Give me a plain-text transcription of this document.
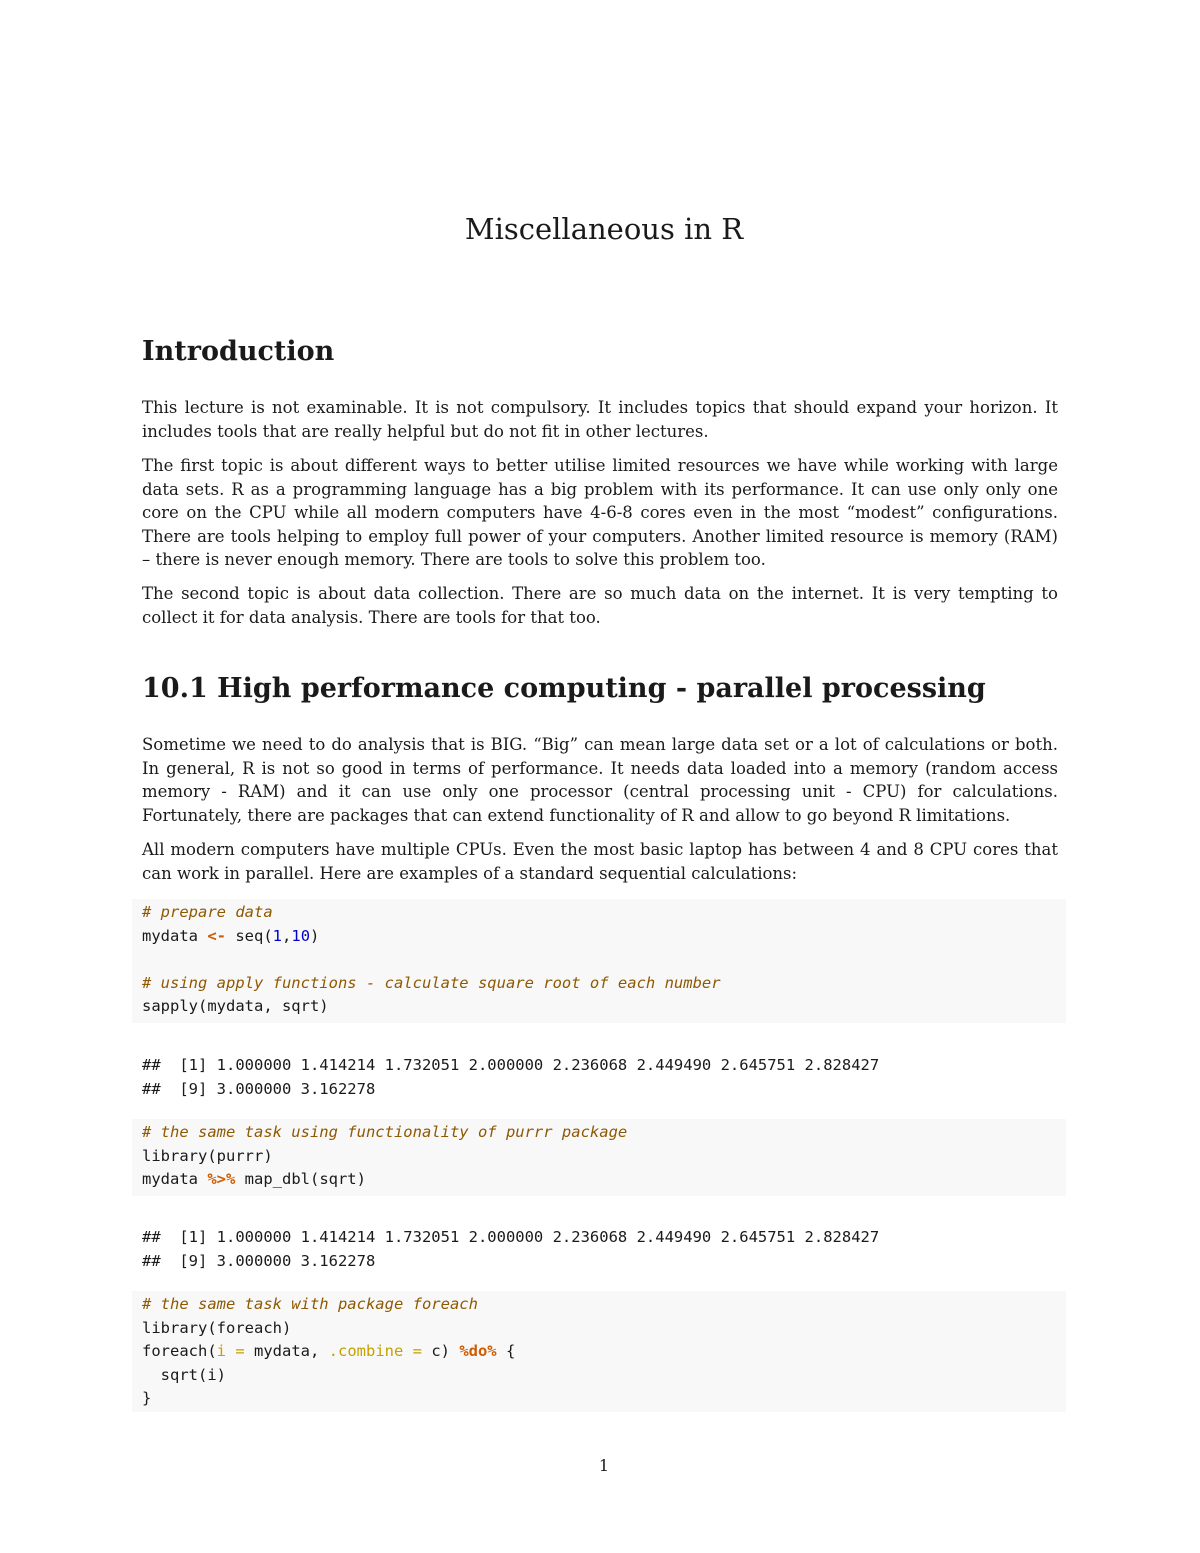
Miscellaneous in R
Introduction

This lecture is not examinable. It is not compulsory. It includes topics that should expand your horizon. It includes tools that are really helpful but do not fit in other lectures.

The first topic is about different ways to better utilise limited resources we have while working with large data sets. R as a programming language has a big problem with its performance. It can use only only one core on the CPU while all modern computers have 4-6-8 cores even in the most “modest” configurations. There are tools helping to employ full power of your computers. Another limited resource is memory (RAM) – there is never enough memory. There are tools to solve this problem too.

The second topic is about data collection. There are so much data on the internet. It is very tempting to collect it for data analysis. There are tools for that too.

10.1 High performance computing - parallel processing

Sometime we need to do analysis that is BIG. “Big” can mean large data set or a lot of calculations or both. In general, R is not so good in terms of performance. It needs data loaded into a memory (random access memory - RAM) and it can use only one processor (central processing unit - CPU) for calculations. Fortunately, there are packages that can extend functionality of R and allow to go beyond R limitations.

All modern computers have multiple CPUs. Even the most basic laptop has between 4 and 8 CPU cores that can work in parallel. Here are examples of a standard sequential calculations:

# prepare data
mydata <- seq(1,10)
# using apply functions - calculate square root of each number
sapply(mydata, sqrt)
##  [1] 1.000000 1.414214 1.732051 2.000000 2.236068 2.449490 2.645751 2.828427
##  [9] 3.000000 3.162278
# the same task using functionality of purrr package
library(purrr)
mydata %>% map_dbl(sqrt)
##  [1] 1.000000 1.414214 1.732051 2.000000 2.236068 2.449490 2.645751 2.828427
##  [9] 3.000000 3.162278
# the same task with package foreach
library(foreach)
foreach(i = mydata, .combine = c) %do% {
sqrt(i)
}
1
